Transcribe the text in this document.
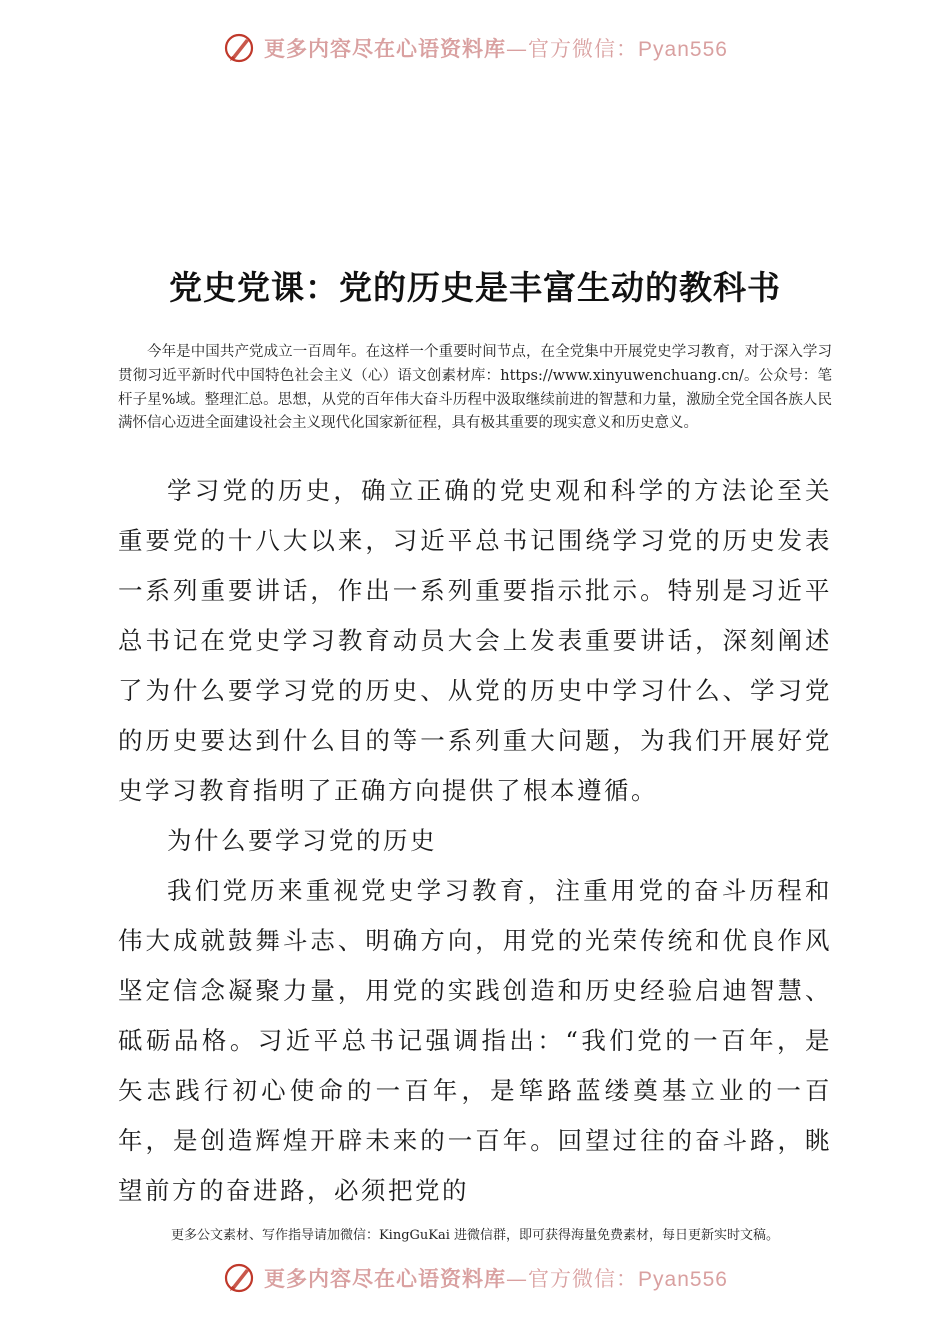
更多内容尽在心语资料库—官方微信：Pyan556
党史党课：党的历史是丰富生动的教科书

今年是中国共产党成立一百周年。在这样一个重要时间节点，在全党集中开展党史学习教育，对于深入学习贯彻习近平新时代中国特色社会主义（心）语文创素材库：https://www.xinyuwenchuang.cn/。公众号：笔杆子星%域。整理汇总。思想，从党的百年伟大奋斗历程中汲取继续前进的智慧和力量，激励全党全国各族人民满怀信心迈进全面建设社会主义现代化国家新征程，具有极其重要的现实意义和历史意义。

学习党的历史，确立正确的党史观和科学的方法论至关重要党的十八大以来，习近平总书记围绕学习党的历史发表一系列重要讲话，作出一系列重要指示批示。特别是习近平总书记在党史学习教育动员大会上发表重要讲话，深刻阐述了为什么要学习党的历史、从党的历史中学习什么、学习党的历史要达到什么目的等一系列重大问题，为我们开展好党史学习教育指明了正确方向提供了根本遵循。

为什么要学习党的历史

我们党历来重视党史学习教育，注重用党的奋斗历程和伟大成就鼓舞斗志、明确方向，用党的光荣传统和优良作风坚定信念凝聚力量，用党的实践创造和历史经验启迪智慧、砥砺品格。习近平总书记强调指出：“我们党的一百年，是矢志践行初心使命的一百年，是筚路蓝缕奠基立业的一百年，是创造辉煌开辟未来的一百年。回望过往的奋斗路，眺望前方的奋进路，必须把党的

更多公文素材、写作指导请加微信：KingGuKai 进微信群，即可获得海量免费素材，每日更新实时文稿。
更多内容尽在心语资料库—官方微信：Pyan556
